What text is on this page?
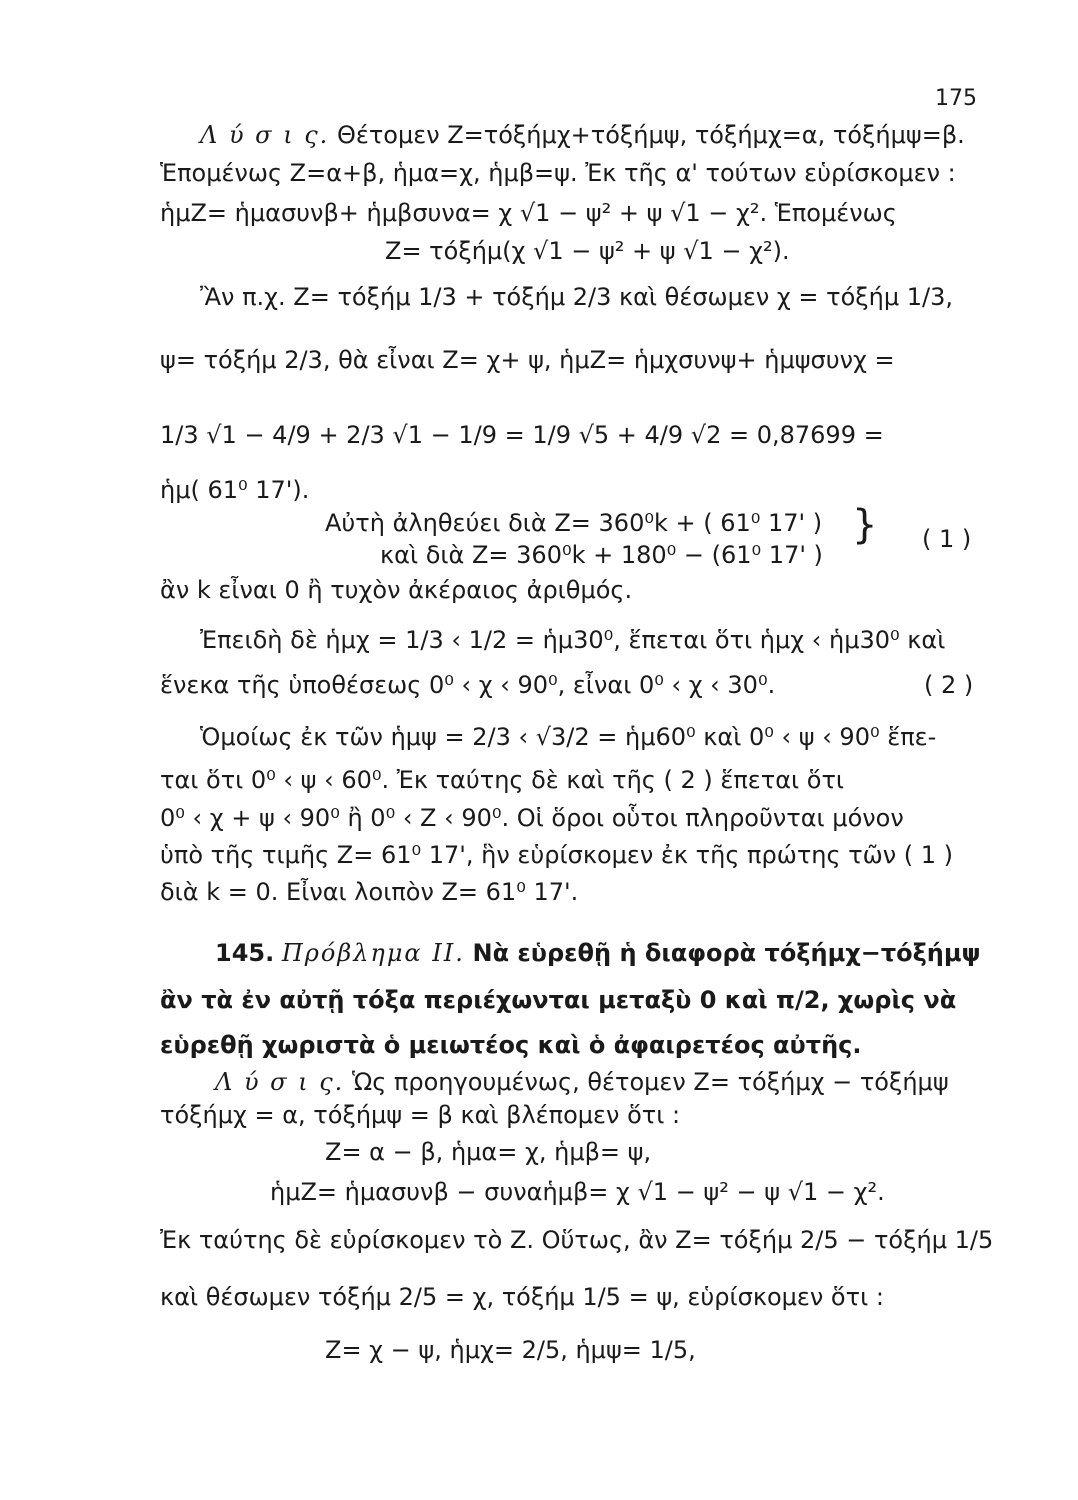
175
Λ ύ σ ι ς. Θέτομεν Ζ=τόξήμχ+τόξήμψ, τόξήμχ=α, τόξήμψ=β.
Ἑπομένως Ζ=α+β, ἡμα=χ, ἡμβ=ψ. Ἐκ τῆς α' τούτων εὑρίσκομεν :
ἡμΖ= ἡμασυνβ+ ἡμβσυνα= χ √1 − ψ² + ψ √1 − χ². Ἑπομένως
Ζ= τόξήμ(χ √1 − ψ² + ψ √1 − χ²).
Ἂν π.χ. Ζ= τόξήμ 1/3 + τόξήμ 2/3 καὶ θέσωμεν χ = τόξήμ 1/3,
ψ= τόξήμ 2/3, θὰ εἶναι Ζ= χ+ ψ, ἡμΖ= ἡμχσυνψ+ ἡμψσυνχ =
1/3 √1 − 4/9 + 2/3 √1 − 1/9 = 1/9 √5 + 4/9 √2 = 0,87699 =
ἡμ( 61⁰ 17').
Αὐτὴ ἀληθεύει διὰ Ζ= 360⁰k + ( 61⁰ 17' )
καὶ διὰ Ζ= 360⁰k + 180⁰ − (61⁰ 17' )
} ( 1 )
ἂν k εἶναι 0 ἢ τυχὸν ἀκέραιος ἀριθμός.
Ἐπειδὴ δὲ ἡμχ = 1/3 ‹ 1/2 = ἡμ30⁰, ἕπεται ὅτι ἡμχ ‹ ἡμ30⁰ καὶ
ἕνεκα τῆς ὑποθέσεως 0⁰ ‹ χ ‹ 90⁰, εἶναι 0⁰ ‹ χ ‹ 30⁰.	( 2 )
Ὁμοίως ἐκ τῶν ἡμψ = 2/3 ‹ √3/2 = ἡμ60⁰ καὶ 0⁰ ‹ ψ ‹ 90⁰ ἕπε-
ται ὅτι 0⁰ ‹ ψ ‹ 60⁰. Ἐκ ταύτης δὲ καὶ τῆς ( 2 ) ἕπεται ὅτι
0⁰ ‹ χ + ψ ‹ 90⁰ ἢ 0⁰ ‹ Ζ ‹ 90⁰. Οἱ ὅροι οὗτοι πληροῦνται μόνον
ὑπὸ τῆς τιμῆς Ζ= 61⁰ 17', ἣν εὑρίσκομεν ἐκ τῆς πρώτης τῶν ( 1 )
διὰ k = 0. Εἶναι λοιπὸν Ζ= 61⁰ 17'.
145. Πρόβλημα ΙΙ. Νὰ εὑρεθῇ ἡ διαφορὰ τόξήμχ−τόξήμψ
ἂν τὰ ἐν αὐτῇ τόξα περιέχωνται μεταξὺ 0 καὶ π/2, χωρὶς νὰ
εὑρεθῇ χωριστὰ ὁ μειωτέος καὶ ὁ ἀφαιρετέος αὐτῆς.
Λ ύ σ ι ς. Ὡς προηγουμένως, θέτομεν Ζ= τόξήμχ − τόξήμψ
τόξήμχ = α, τόξήμψ = β καὶ βλέπομεν ὅτι :
Ζ= α − β, ἡμα= χ, ἡμβ= ψ,
ἡμΖ= ἡμασυνβ − συναἡμβ= χ √1 − ψ² − ψ √1 − χ².
Ἐκ ταύτης δὲ εὑρίσκομεν τὸ Ζ. Οὕτως, ἂν Ζ= τόξήμ 2/5 − τόξήμ 1/5
καὶ θέσωμεν τόξήμ 2/5 = χ, τόξήμ 1/5 = ψ, εὑρίσκομεν ὅτι :
Ζ= χ − ψ, ἡμχ= 2/5, ἡμψ= 1/5,
